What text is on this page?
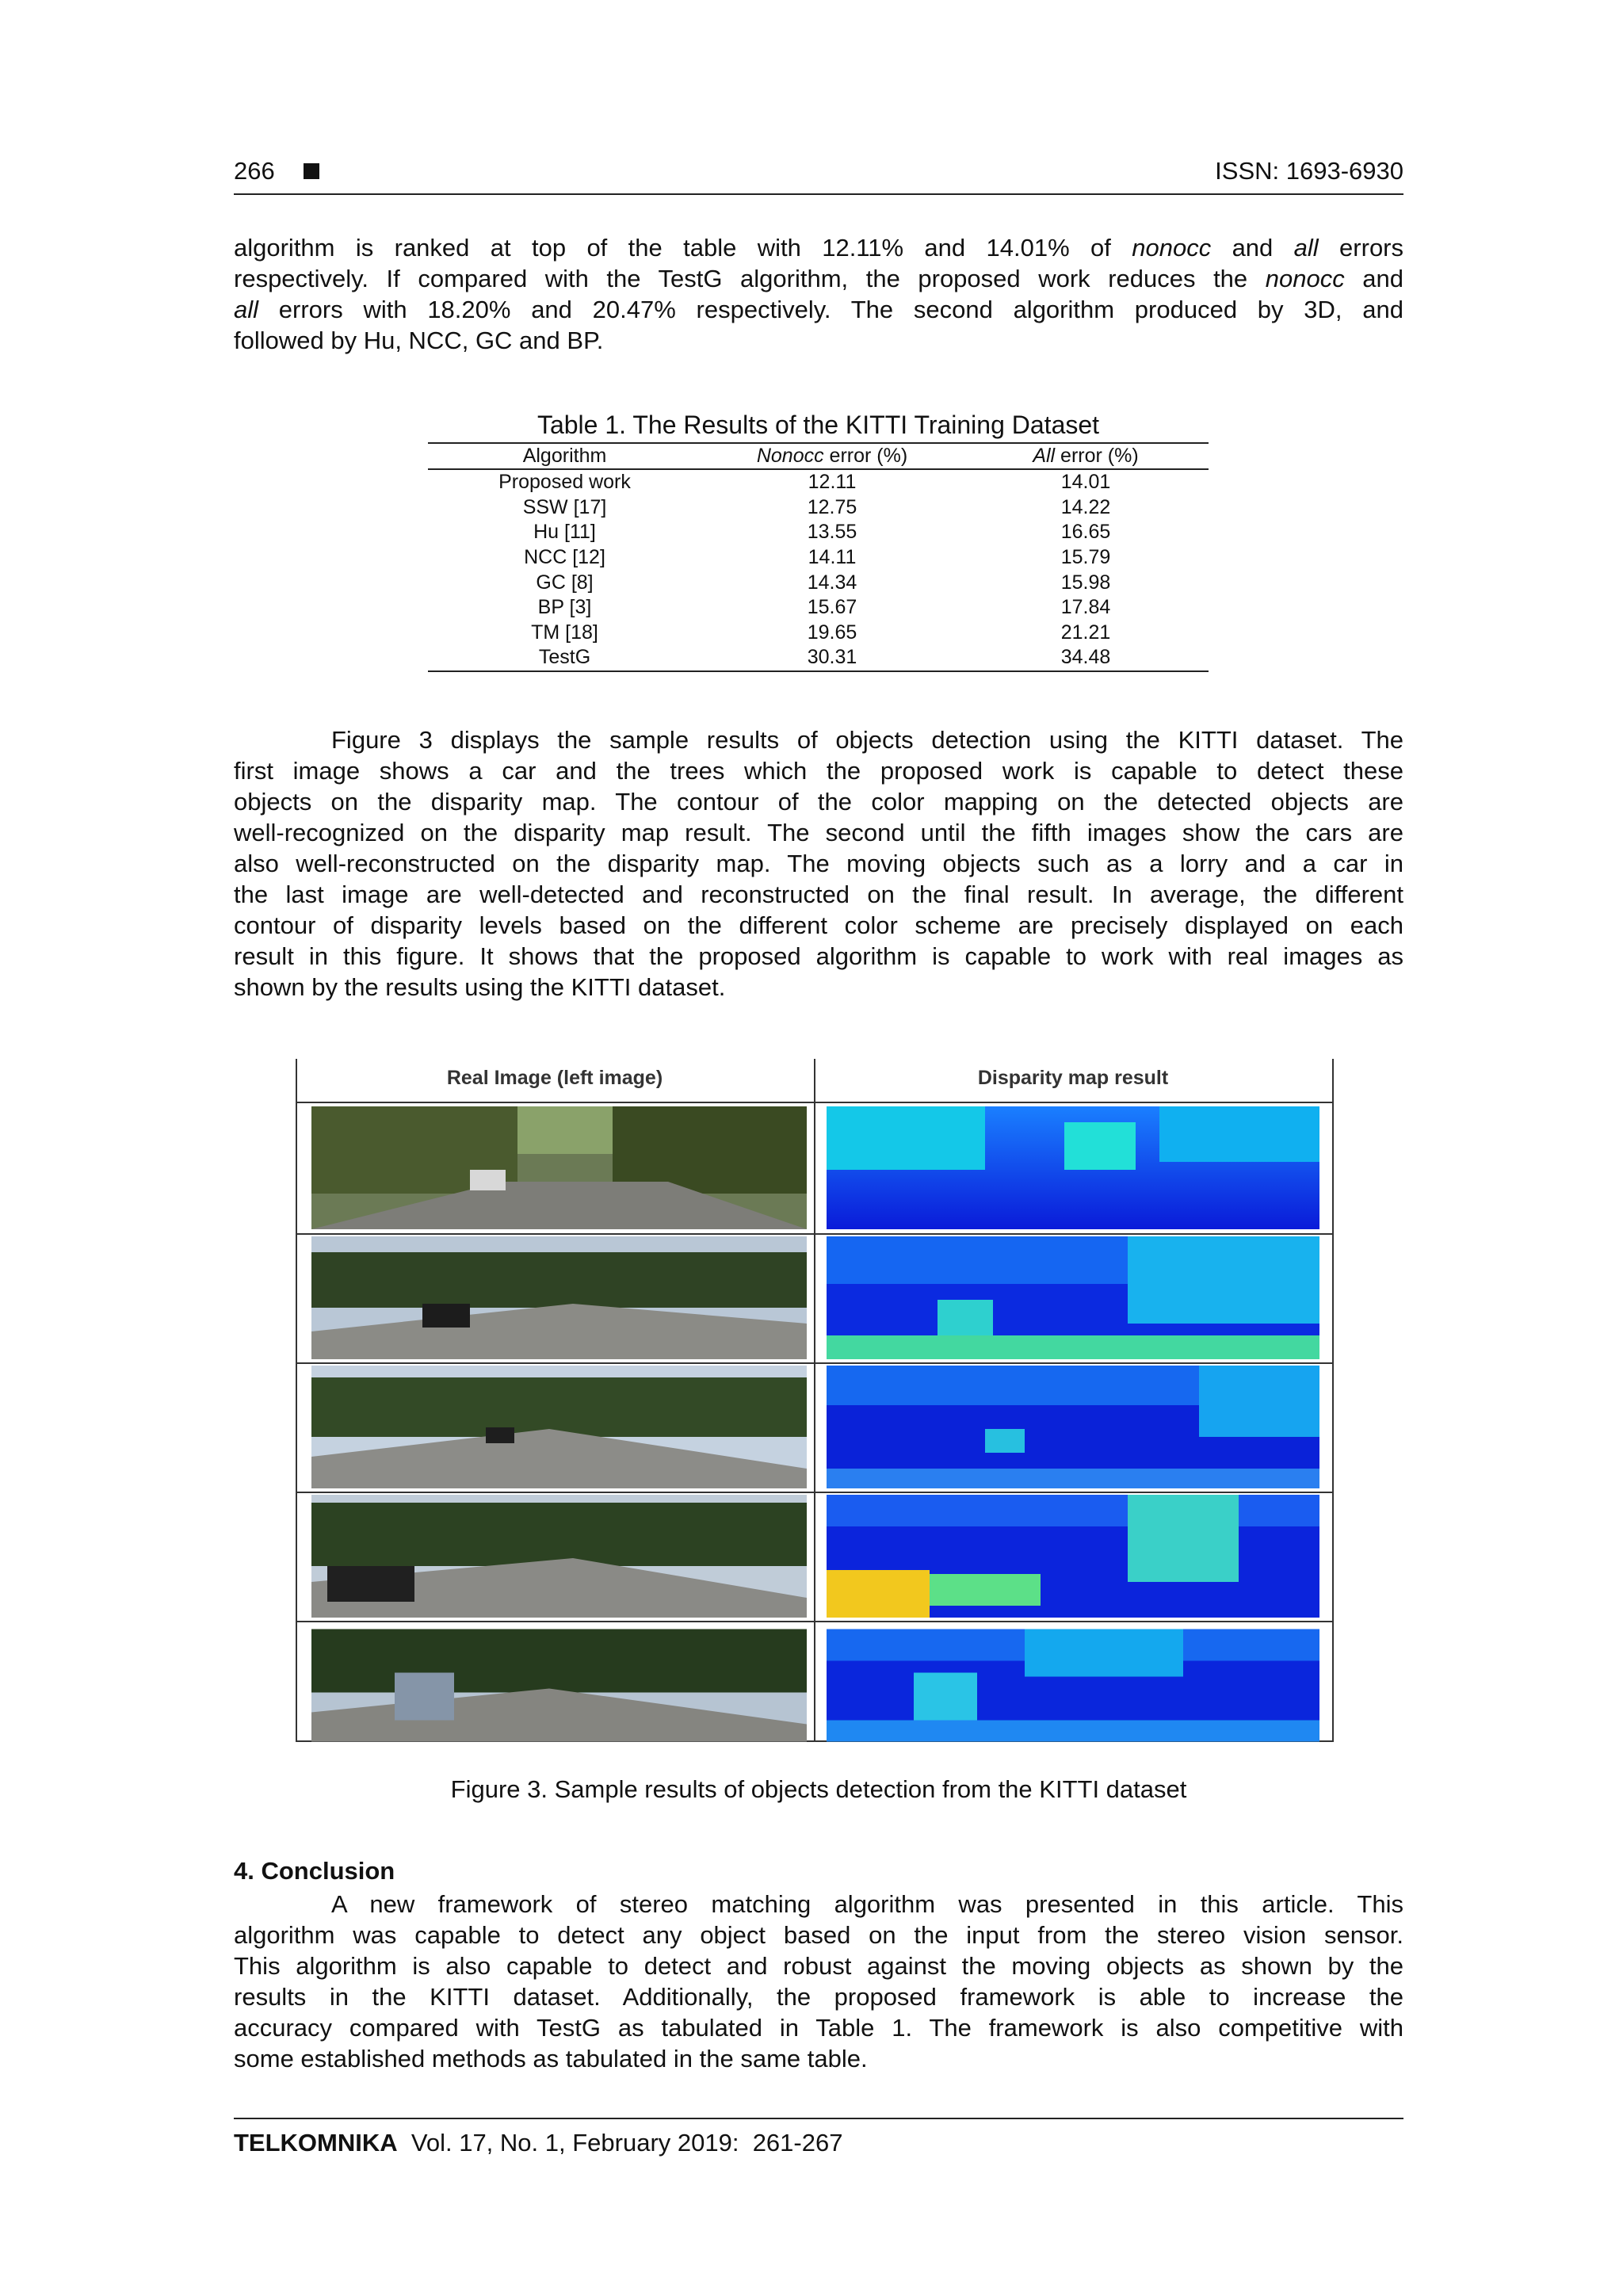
266	ISSN: 1693-6930
algorithm is ranked at top of the table with 12.11% and 14.01% of nonocc and all errors
respectively. If compared with the TestG algorithm, the proposed work reduces the nonocc and
all errors with 18.20% and 20.47% respectively. The second algorithm produced by 3D, and
followed by Hu, NCC, GC and BP.
Table 1. The Results of the KITTI Training Dataset
Algorithm	Nonocc error (%)	All error (%)
Proposed work	12.11	14.01
SSW [17]	12.75	14.22
Hu [11]	13.55	16.65
NCC [12]	14.11	15.79
GC [8]	14.34	15.98
BP [3]	15.67	17.84
TM [18]	19.65	21.21
TestG	30.31	34.48
Figure 3 displays the sample results of objects detection using the KITTI dataset. The
first image shows a car and the trees which the proposed work is capable to detect these
objects on the disparity map. The contour of the color mapping on the detected objects are
well-recognized on the disparity map result. The second until the fifth images show the cars are
also well-reconstructed on the disparity map. The moving objects such as a lorry and a car in
the last image are well-detected and reconstructed on the final result. In average, the different
contour of disparity levels based on the different color scheme are precisely displayed on each
result in this figure. It shows that the proposed algorithm is capable to work with real images as
shown by the results using the KITTI dataset.
Real Image (left image)	Disparity map result
Figure 3. Sample results of objects detection from the KITTI dataset
4. Conclusion
A new framework of stereo matching algorithm was presented in this article. This
algorithm was capable to detect any object based on the input from the stereo vision sensor.
This algorithm is also capable to detect and robust against the moving objects as shown by the
results in the KITTI dataset. Additionally, the proposed framework is able to increase the
accuracy compared with TestG as tabulated in Table 1. The framework is also competitive with
some established methods as tabulated in the same table.
TELKOMNIKA  Vol. 17, No. 1, February 2019:  261-267
